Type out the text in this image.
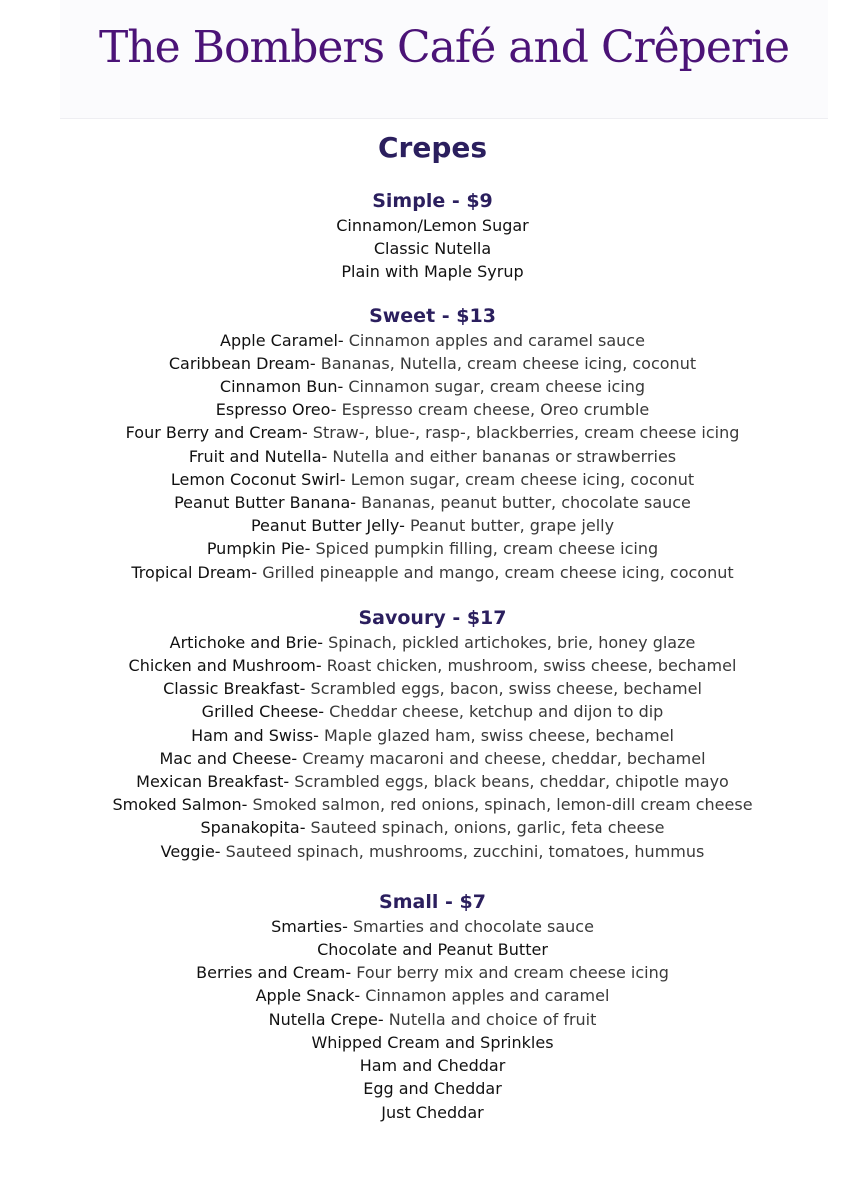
The Bombers Café and Crêperie
Crepes
Simple - $9
Cinnamon/Lemon Sugar
Classic Nutella
Plain with Maple Syrup
Sweet - $13
Apple Caramel- Cinnamon apples and caramel sauce
Caribbean Dream- Bananas, Nutella, cream cheese icing, coconut
Cinnamon Bun- Cinnamon sugar, cream cheese icing
Espresso Oreo- Espresso cream cheese, Oreo crumble
Four Berry and Cream- Straw-, blue-, rasp-, blackberries, cream cheese icing
Fruit and Nutella- Nutella and either bananas or strawberries
Lemon Coconut Swirl- Lemon sugar, cream cheese icing, coconut
Peanut Butter Banana- Bananas, peanut butter, chocolate sauce
Peanut Butter Jelly- Peanut butter, grape jelly
Pumpkin Pie- Spiced pumpkin filling, cream cheese icing
Tropical Dream- Grilled pineapple and mango, cream cheese icing, coconut
Savoury - $17
Artichoke and Brie- Spinach, pickled artichokes, brie, honey glaze
Chicken and Mushroom- Roast chicken, mushroom, swiss cheese, bechamel
Classic Breakfast- Scrambled eggs, bacon, swiss cheese, bechamel
Grilled Cheese- Cheddar cheese, ketchup and dijon to dip
Ham and Swiss- Maple glazed ham, swiss cheese, bechamel
Mac and Cheese- Creamy macaroni and cheese, cheddar, bechamel
Mexican Breakfast- Scrambled eggs, black beans, cheddar, chipotle mayo
Smoked Salmon- Smoked salmon, red onions, spinach, lemon-dill cream cheese
Spanakopita- Sauteed spinach, onions, garlic, feta cheese
Veggie- Sauteed spinach, mushrooms, zucchini, tomatoes, hummus
Small - $7
Smarties- Smarties and chocolate sauce
Chocolate and Peanut Butter
Berries and Cream- Four berry mix and cream cheese icing
Apple Snack- Cinnamon apples and caramel
Nutella Crepe- Nutella and choice of fruit
Whipped Cream and Sprinkles
Ham and Cheddar
Egg and Cheddar
Just Cheddar
